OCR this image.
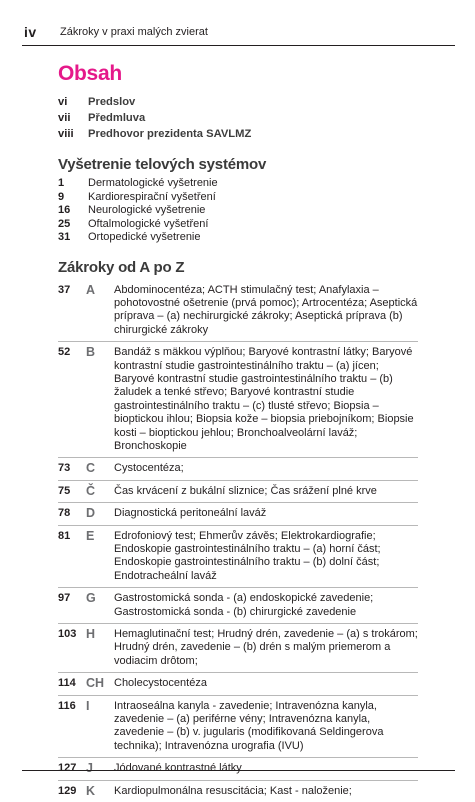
iv Zákroky v praxi malých zvierat
Obsah
vi	Predslov
vii	Předmluva
viii	Predhovor prezidenta SAVLMZ
Vyšetrenie telových systémov
1	Dermatologické vyšetrenie
9	Kardiorespirační vyšetření
16	Neurologické vyšetrenie
25	Oftalmologické vyšetření
31	Ortopedické vyšetrenie
Zákroky od A po Z
37	A	Abdominocentéza; ACTH stimulačný test; Anafylaxia – pohotovostné ošetrenie (prvá pomoc); Artrocentéza; Aseptická príprava – (a) nechirurgické zákroky; Aseptická príprava (b) chirurgické zákroky
52	B	Bandáž s mäkkou výplňou; Baryové kontrastní látky; Baryové kontrastní studie gastrointestinálního traktu – (a) jícen; Baryové kontrastní studie gastrointestinálního traktu – (b) žaludek a tenké střevo; Baryové kontrastní studie gastrointestinálního traktu – (c) tlusté střevo; Biopsia – bioptickou ihlou; Biopsia kože – biopsia priebojníkom; Biopsie kosti – bioptickou jehlou; Bronchoalveolární laváž; Bronchoskopie
73	C	Cystocentéza;
75	Č	Čas krvácení z bukální sliznice; Čas srážení plné krve
78	D	Diagnostická peritoneální laváž
81	E	Edrofoniový test; Ehmerův závěs; Elektrokardiografie; Endoskopie gastrointestinálního traktu – (a) horní část; Endoskopie gastrointestinálního traktu – (b) dolní část; Endotracheální laváž
97	G	Gastrostomická sonda - (a) endoskopické zavedenie; Gastrostomická sonda - (b) chirurgické zavedenie
103 H	Hemaglutinační test; Hrudný drén, zavedenie – (a) s trokárom; Hrudný drén, zavedenie – (b) drén s malým priemerom a vodiacim drôtom;
114 CH Cholecystocentéza
116 I	Intraoseálna kanyla - zavedenie; Intravenózna kanyla, zavedenie – (a) periférne vény; Intravenózna kanyla, zavedenie – (b) v. jugularis (modifikovaná Seldingerova technika); Intravenózna urografia (IVU)
127 J	Jódované kontrastné látky
129 K	Kardiopulmonálna resuscitácia; Kast - naloženie;
